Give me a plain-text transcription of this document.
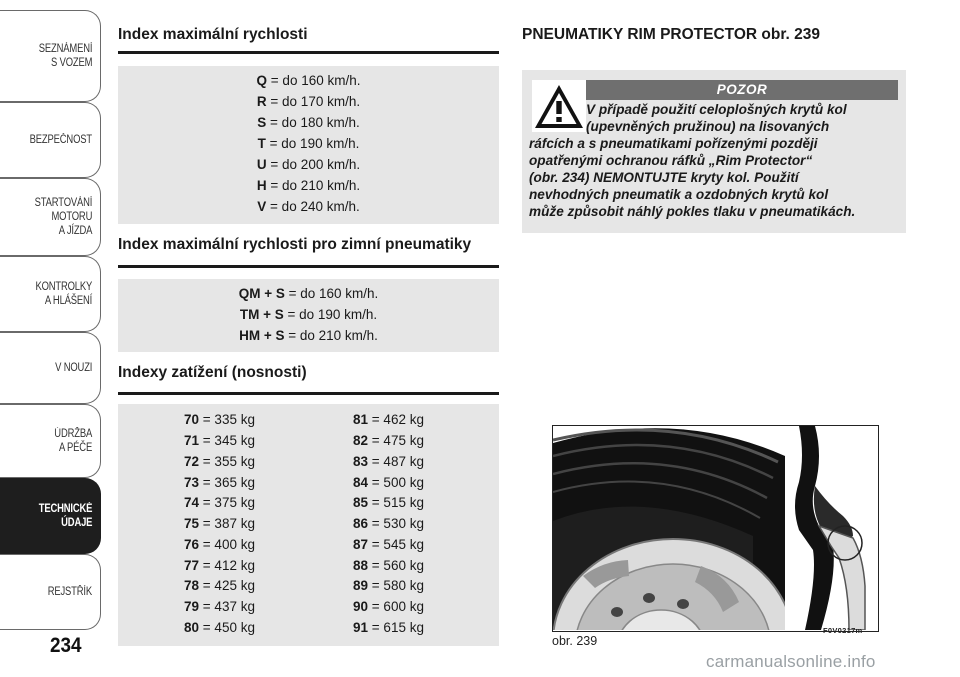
SEZNÁMENÍ
S VOZEM
BEZPEČNOST
STARTOVÁNÍ
MOTORU
A JÍZDA
KONTROLKY
A HLÁŠENÍ
V NOUZI
ÚDRŽBA
A PÉČE
TECHNICKÉ
ÚDAJE
REJSTŘÍK
234
Index maximální rychlosti
Q = do 160 km/h.
R = do 170 km/h.
S = do 180 km/h.
T = do 190 km/h.
U = do 200 km/h.
H = do 210 km/h.
V = do 240 km/h.
Index maximální rychlosti pro zimní pneumatiky
QM + S = do 160 km/h.
TM + S = do 190 km/h.
HM + S = do 210 km/h.
Indexy zatížení (nosnosti)
70 = 335 kg
71 = 345 kg
72 = 355 kg
73 = 365 kg
74 = 375 kg
75 = 387 kg
76 = 400 kg
77 = 412 kg
78 = 425 kg
79 = 437 kg
80 = 450 kg
81 = 462 kg
82 = 475 kg
83 = 487 kg
84 = 500 kg
85 = 515 kg
86 = 530 kg
87 = 545 kg
88 = 560 kg
89 = 580 kg
90 = 600 kg
91 = 615 kg
PNEUMATIKY RIM PROTECTOR obr. 239
POZOR
V případě použití celoplošných krytů kol
(upevněných pružinou) na lisovaných
ráfcích a s pneumatikami pořízenými později
opatřenými ochranou ráfků „Rim Protector“
(obr. 234) NEMONTUJTE kryty kol. Použití
nevhodných pneumatik a ozdobných krytů kol
může způsobit náhlý pokles tlaku v pneumatikách.
obr. 239
F0V0217m
carmanualsonline.info
